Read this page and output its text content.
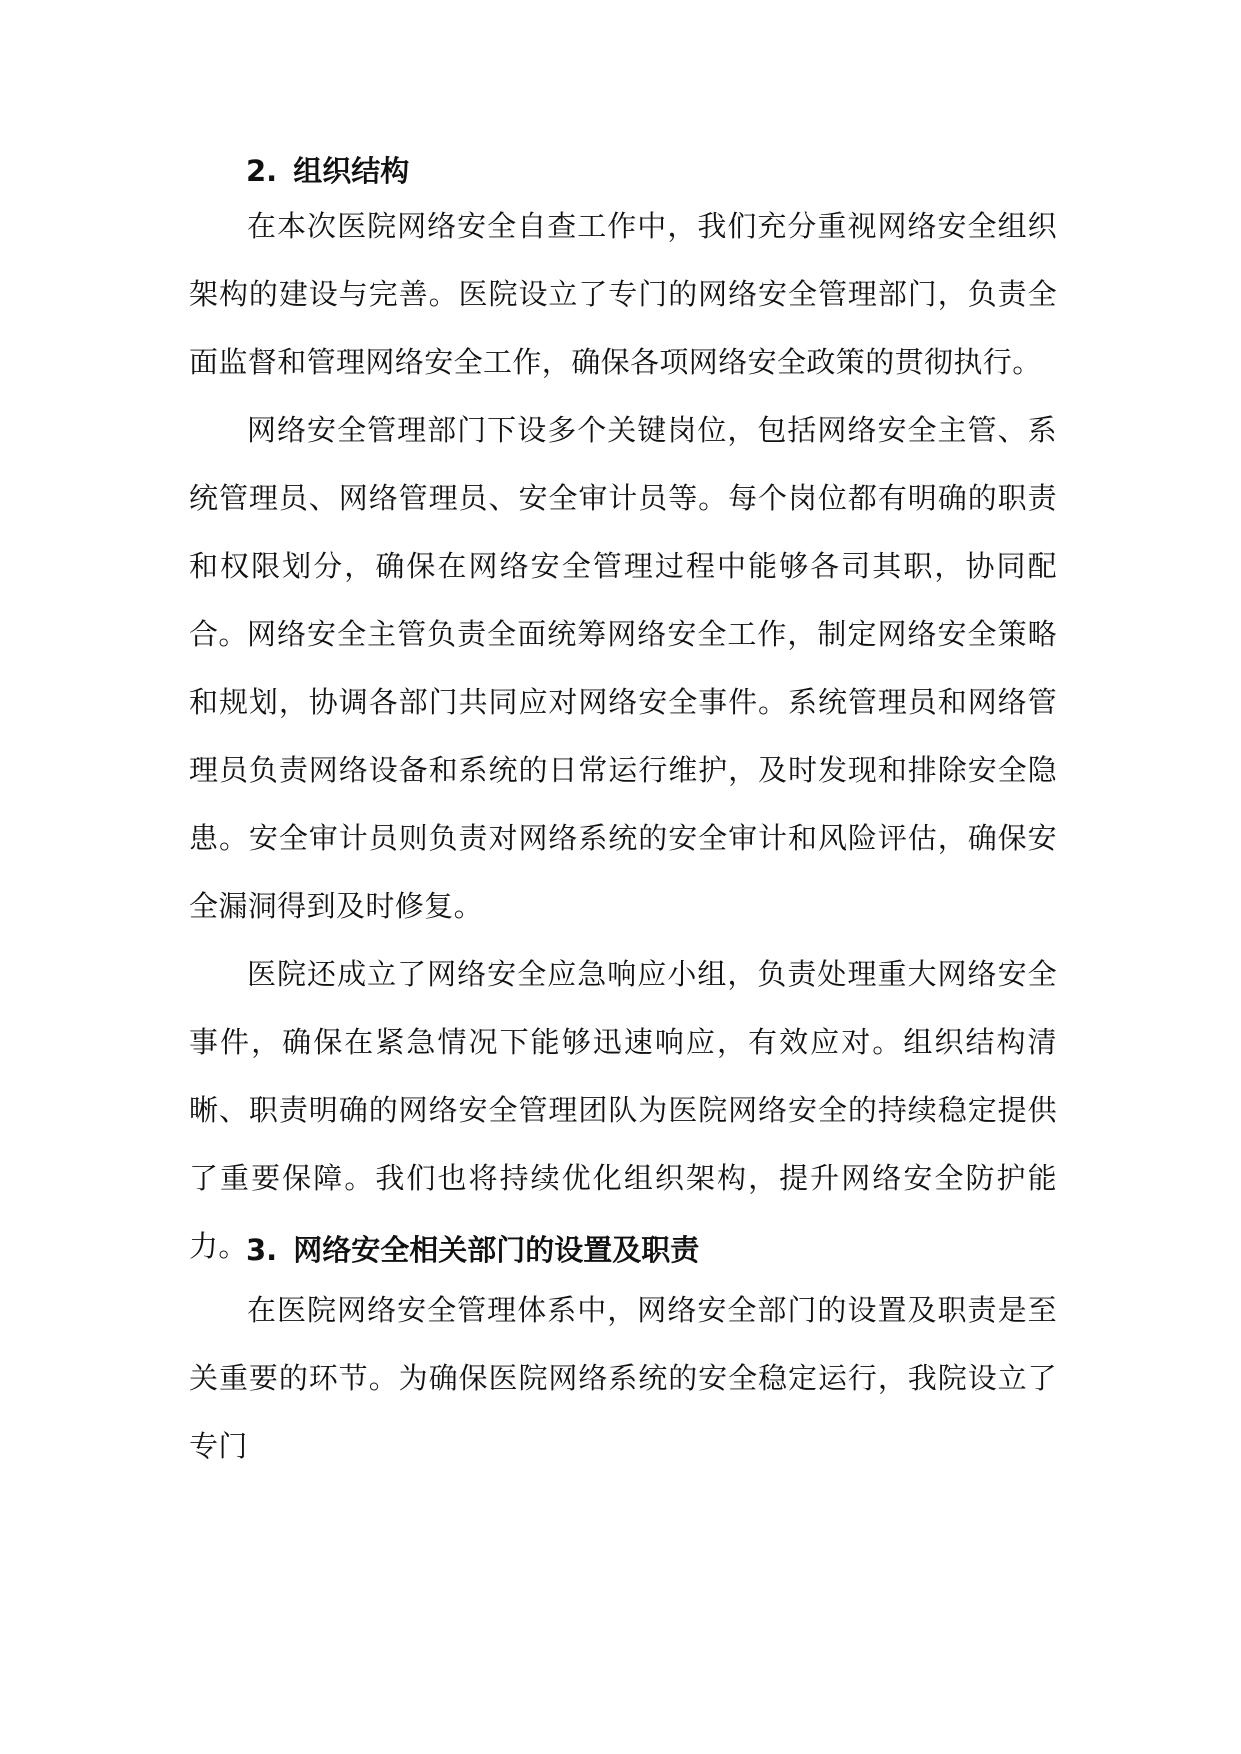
2. 组织结构

在本次医院网络安全自查工作中，我们充分重视网络安全组织架构的建设与完善。医院设立了专门的网络安全管理部门，负责全面监督和管理网络安全工作，确保各项网络安全政策的贯彻执行。

网络安全管理部门下设多个关键岗位，包括网络安全主管、系统管理员、网络管理员、安全审计员等。每个岗位都有明确的职责和权限划分，确保在网络安全管理过程中能够各司其职，协同配合。 网络安全主管负责全面统筹网络安全工作，制定网络安全策略和规划，协调各部门共同应对网络安全事件。系统管理员和网络管理员负责网络设备和系统的日常运行维护，及时发现和排除安全隐患。安全审计员则负责对网络系统的安全审计和风险评估，确保安全漏洞得到及时修复。

医院还成立了网络安全应急响应小组，负责处理重大网络安全事件，确保在紧急情况下能够迅速响应，有效应对。组织结构清晰、职责明确的网络安全管理团队为医院网络安全的持续稳定提供了重要保障。我们也将持续优化组织架构，提升网络安全防护能力。

3. 网络安全相关部门的设置及职责

在医院网络安全管理体系中，网络安全部门的设置及职责是至关重要的环节。为确保医院网络系统的安全稳定运行，我院设立了专门
